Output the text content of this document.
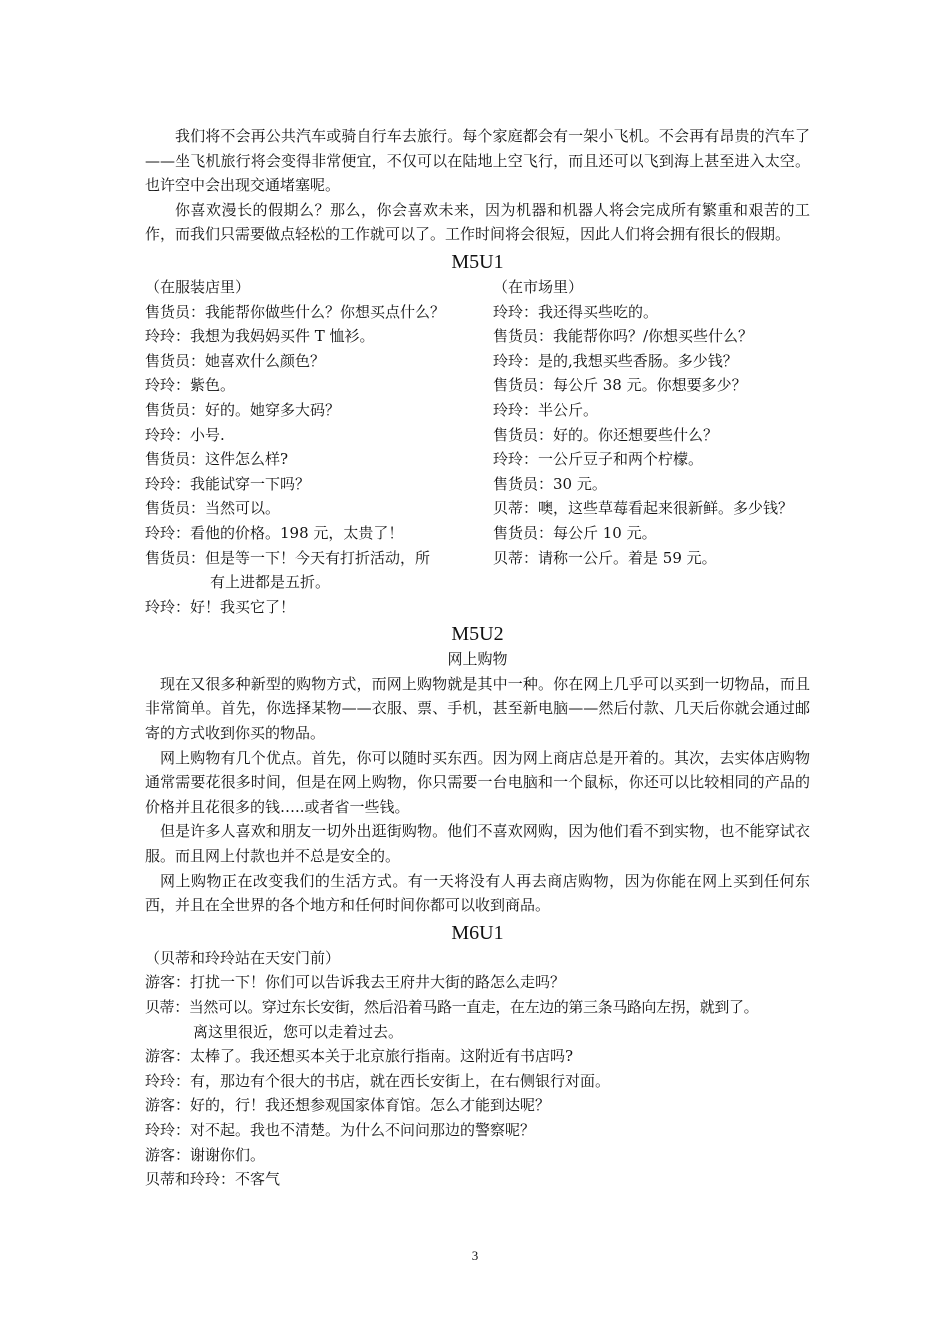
我们将不会再公共汽车或骑自行车去旅行。每个家庭都会有一架小飞机。不会再有昂贵的汽车了——坐飞机旅行将会变得非常便宜，不仅可以在陆地上空飞行，而且还可以飞到海上甚至进入太空。也许空中会出现交通堵塞呢。

你喜欢漫长的假期么？那么，你会喜欢未来，因为机器和机器人将会完成所有繁重和艰苦的工作，而我们只需要做点轻松的工作就可以了。工作时间将会很短，因此人们将会拥有很长的假期。

M5U1

（在服装店里）

售货员：我能帮你做些什么？你想买点什么？

玲玲：我想为我妈妈买件 T 恤衫。

售货员：她喜欢什么颜色？

玲玲：紫色。

售货员：好的。她穿多大码？

玲玲：小号.

售货员：这件怎么样?

玲玲：我能试穿一下吗？

售货员：当然可以。

玲玲：看他的价格。198 元，太贵了！

售货员：但是等一下！今天有打折活动，所

有上进都是五折。

玲玲：好！我买它了！

（在市场里）

玲玲：我还得买些吃的。

售货员：我能帮你吗？/你想买些什么？

玲玲：是的,我想买些香肠。多少钱？

售货员：每公斤 38 元。你想要多少？

玲玲：半公斤。

售货员：好的。你还想要些什么？

玲玲：一公斤豆子和两个柠檬。

售货员：30 元。

贝蒂：噢，这些草莓看起来很新鲜。多少钱？

售货员：每公斤 10 元。

贝蒂：请称一公斤。着是 59 元。

M5U2

网上购物

现在又很多种新型的购物方式，而网上购物就是其中一种。你在网上几乎可以买到一切物品，而且非常简单。首先，你选择某物——衣服、票、手机，甚至新电脑——然后付款、几天后你就会通过邮寄的方式收到你买的物品。

网上购物有几个优点。首先，你可以随时买东西。因为网上商店总是开着的。其次，去实体店购物通常需要花很多时间，但是在网上购物，你只需要一台电脑和一个鼠标，你还可以比较相同的产品的价格并且花很多的钱…..或者省一些钱。

但是许多人喜欢和朋友一切外出逛街购物。他们不喜欢网购，因为他们看不到实物，也不能穿试衣服。而且网上付款也并不总是安全的。

网上购物正在改变我们的生活方式。有一天将没有人再去商店购物，因为你能在网上买到任何东西，并且在全世界的各个地方和任何时间你都可以收到商品。

M6U1

（贝蒂和玲玲站在天安门前）

游客：打扰一下！你们可以告诉我去王府井大街的路怎么走吗？

贝蒂：当然可以。穿过东长安街，然后沿着马路一直走，在左边的第三条马路向左拐，就到了。

离这里很近，您可以走着过去。

游客：太棒了。我还想买本关于北京旅行指南。这附近有书店吗?

玲玲：有，那边有个很大的书店，就在西长安街上，在右侧银行对面。

游客：好的，行！我还想参观国家体育馆。怎么才能到达呢？

玲玲：对不起。我也不清楚。为什么不问问那边的警察呢？

游客：谢谢你们。

贝蒂和玲玲：不客气

3
